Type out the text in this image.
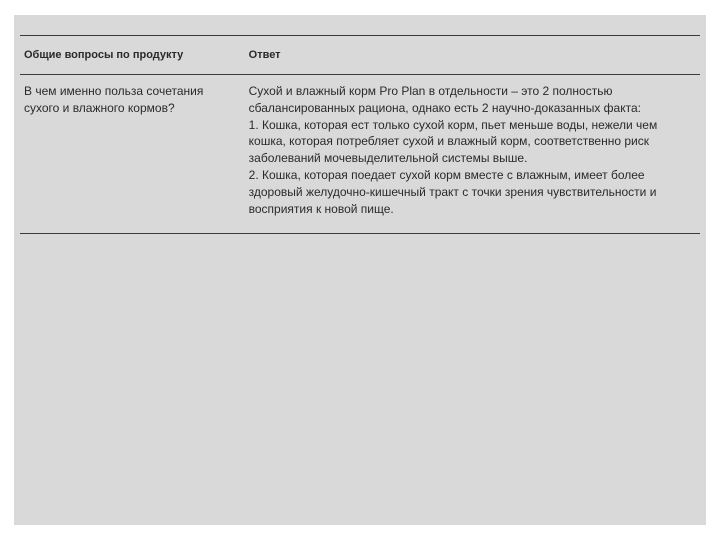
Общие вопросы по продукту	Ответ
В чем именно польза сочетания сухого и влажного кормов?	Сухой и влажный корм Pro Plan в отдельности – это 2 полностью сбалансированных рациона, однако есть 2 научно-доказанных факта:
1. Кошка, которая ест только сухой корм, пьет меньше воды, нежели чем кошка, которая потребляет сухой и влажный корм, соответственно риск заболеваний мочевыделительной системы выше.
2. Кошка, которая поедает сухой корм вместе с влажным, имеет более здоровый желудочно-кишечный тракт с точки зрения чувствительности и восприятия к новой пище.
